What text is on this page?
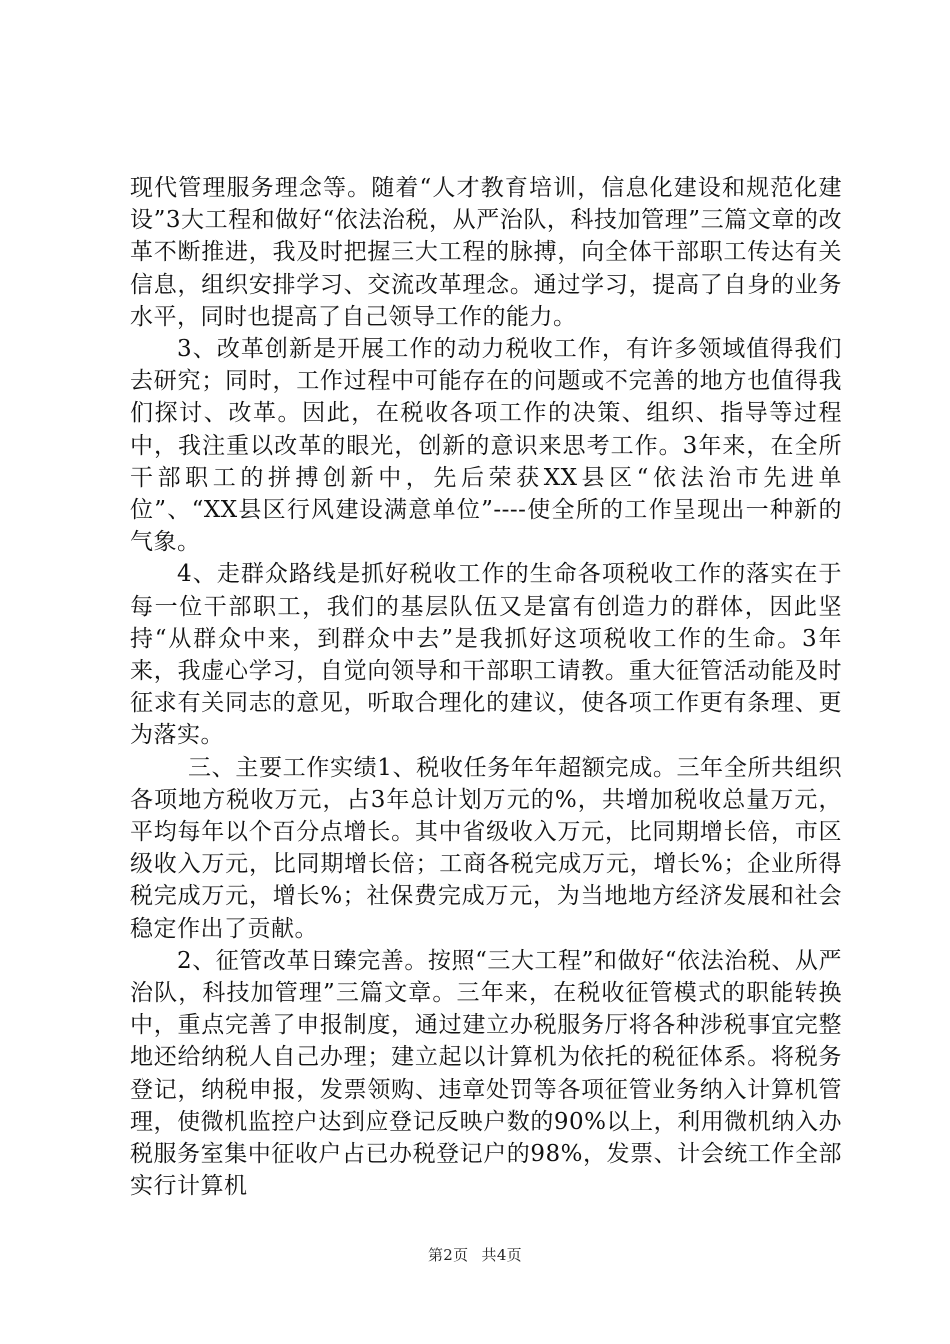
现代管理服务理念等。随着“人才教育培训，信息化建设和规范化建设”3大工程和做好“依法治税，从严治队，科技加管理”三篇文章的改革不断推进，我及时把握三大工程的脉搏，向全体干部职工传达有关信息，组织安排学习、交流改革理念。通过学习，提高了自身的业务水平，同时也提高了自己领导工作的能力。

3、改革创新是开展工作的动力税收工作，有许多领域值得我们去研究；同时，工作过程中可能存在的问题或不完善的地方也值得我们探讨、改革。因此，在税收各项工作的决策、组织、指导等过程中，我注重以改革的眼光，创新的意识来思考工作。3年来，在全所干部职工的拼搏创新中，先后荣获XX县区“依法治市先进单位”、“XX县区行风建设满意单位”----使全所的工作呈现出一种新的气象。

4、走群众路线是抓好税收工作的生命各项税收工作的落实在于每一位干部职工，我们的基层队伍又是富有创造力的群体，因此坚持“从群众中来，到群众中去”是我抓好这项税收工作的生命。3年来，我虚心学习，自觉向领导和干部职工请教。重大征管活动能及时征求有关同志的意见，听取合理化的建议，使各项工作更有条理、更为落实。

三、主要工作实绩1、税收任务年年超额完成。三年全所共组织各项地方税收万元，占3年总计划万元的%，共增加税收总量万元，平均每年以个百分点增长。其中省级收入万元，比同期增长倍，市区级收入万元，比同期增长倍；工商各税完成万元，增长%；企业所得税完成万元，增长%；社保费完成万元，为当地地方经济发展和社会稳定作出了贡献。

2、征管改革日臻完善。按照“三大工程”和做好“依法治税、从严治队，科技加管理”三篇文章。三年来，在税收征管模式的职能转换中，重点完善了申报制度，通过建立办税服务厅将各种涉税事宜完整地还给纳税人自己办理；建立起以计算机为依托的税征体系。将税务登记，纳税申报，发票领购、违章处罚等各项征管业务纳入计算机管理，使微机监控户达到应登记反映户数的90%以上，利用微机纳入办税服务室集中征收户占已办税登记户的98%，发票、计会统工作全部实行计算机

第2页 共4页
